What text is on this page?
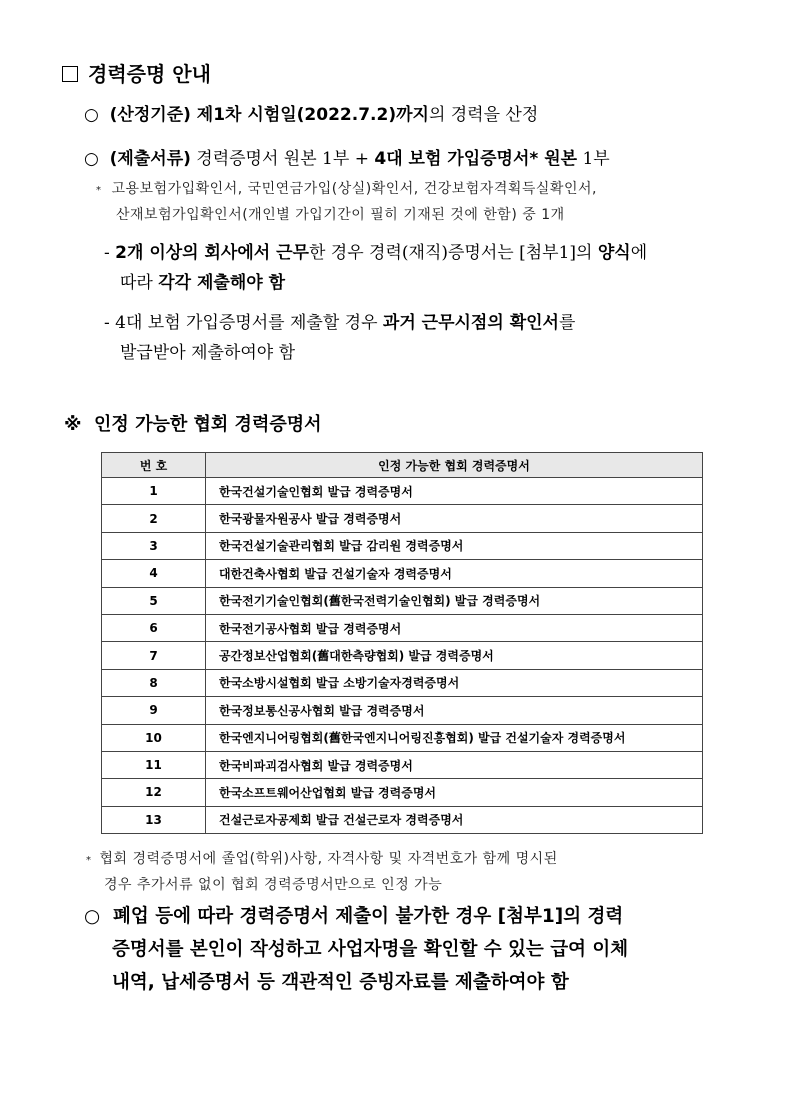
경력증명 안내
○ (산정기준) 제1차 시험일(2022.7.2)까지의 경력을 산정
○ (제출서류) 경력증명서 원본 1부 + 4대 보험 가입증명서* 원본 1부
* 고용보험가입확인서, 국민연금가입(상실)확인서, 건강보험자격획득실확인서,
산재보험가입확인서(개인별 가입기간이 필히 기재된 것에 한함) 중 1개
- 2개 이상의 회사에서 근무한 경우 경력(재직)증명서는 [첨부1]의 양식에
따라 각각 제출해야 함
- 4대 보험 가입증명서를 제출할 경우 과거 근무시점의 확인서를
발급받아 제출하여야 함
※ 인정 가능한 협회 경력증명서
번 호	인정 가능한 협회 경력증명서
1	한국건설기술인협회 발급 경력증명서
2	한국광물자원공사 발급 경력증명서
3	한국건설기술관리협회 발급 감리원 경력증명서
4	대한건축사협회 발급 건설기술자 경력증명서
5	한국전기기술인협회(舊한국전력기술인협회) 발급 경력증명서
6	한국전기공사협회 발급 경력증명서
7	공간정보산업협회(舊대한측량협회) 발급 경력증명서
8	한국소방시설협회 발급 소방기술자경력증명서
9	한국정보통신공사협회 발급 경력증명서
10	한국엔지니어링협회(舊한국엔지니어링진흥협회) 발급 건설기술자 경력증명서
11	한국비파괴검사협회 발급 경력증명서
12	한국소프트웨어산업협회 발급 경력증명서
13	건설근로자공제회 발급 건설근로자 경력증명서
* 협회 경력증명서에 졸업(학위)사항, 자격사항 및 자격번호가 함께 명시된
경우 추가서류 없이 협회 경력증명서만으로 인정 가능
○ 폐업 등에 따라 경력증명서 제출이 불가한 경우 [첨부1]의 경력
증명서를 본인이 작성하고 사업자명을 확인할 수 있는 급여 이체
내역, 납세증명서 등 객관적인 증빙자료를 제출하여야 함
